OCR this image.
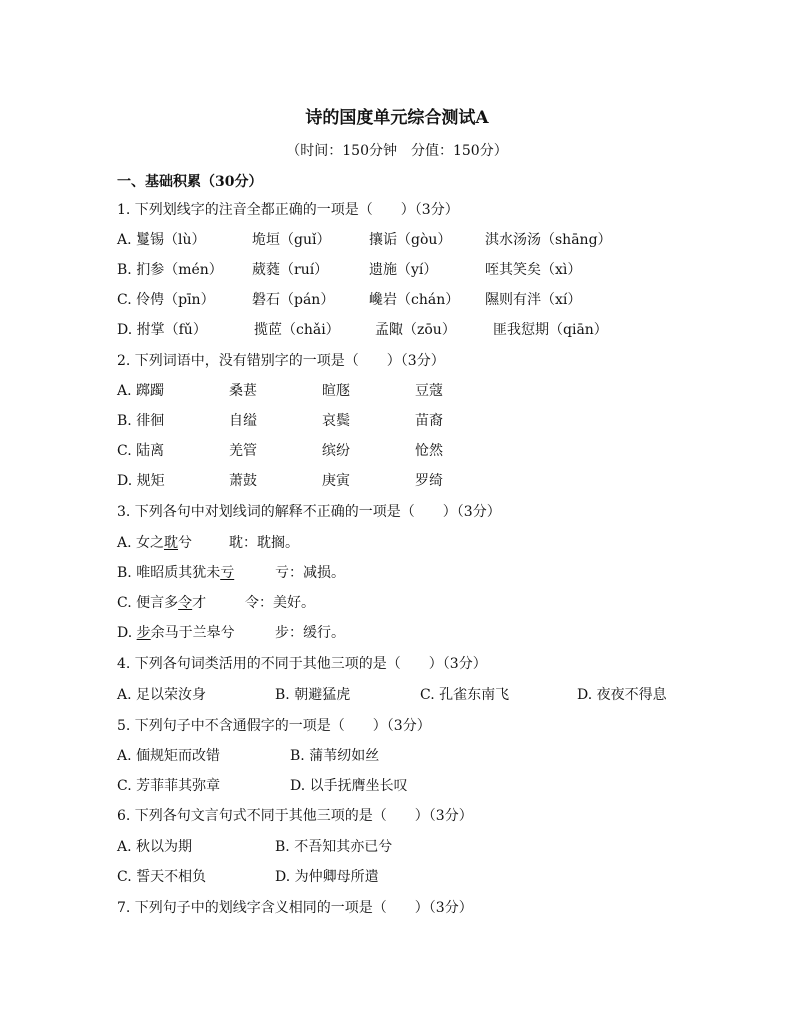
诗的国度单元综合测试A
（时间：150分钟　分值：150分）
一、基础积累（30分）
1. 下列划线字的注音全都正确的一项是（　　）（3分）
A. 鬘锡（lù）	垝垣（guǐ）	攘诟（gòu） 淇水汤汤（shāng）
B. 扪参（mén） 葳蕤（ruí）	遗施（yí）	咥其笑矣（xì）
C. 伶俜（pīn）	磐石（pán） 巉岩（chán） 隰则有泮（xí）
D. 拊掌（fǔ）	揽茝（chǎi）	孟陬（zōu）	匪我愆期（qiān）
2. 下列词语中，没有错别字的一项是（　　）（3分）
A. 踯躅	桑葚	暄豗	豆蔻
B. 徘徊	自缢	哀鬓	苗裔
C. 陆离	羌管	缤纷	怆然
D. 规矩	萧鼓	庚寅	罗绮
3. 下列各句中对划线词的解释不正确的一项是（　　）（3分）
A. 女之耽兮	耽：耽搁。
B. 唯昭质其犹未亏	亏：减损。
C. 便言多令才	令：美好。
D. 步余马于兰皋兮	步：缓行。
4. 下列各句词类活用的不同于其他三项的是（　　）（3分）
A. 足以荣汝身	B. 朝避猛虎	C. 孔雀东南飞	D. 夜夜不得息
5. 下列句子中不含通假字的一项是（　　）（3分）
A. 偭规矩而改错	B. 蒲苇纫如丝
C. 芳菲菲其弥章	D. 以手抚膺坐长叹
6. 下列各句文言句式不同于其他三项的是（　　）（3分）
A. 秋以为期	B. 不吾知其亦已兮
C. 誓天不相负	D. 为仲卿母所遣
7. 下列句子中的划线字含义相同的一项是（　　）（3分）
